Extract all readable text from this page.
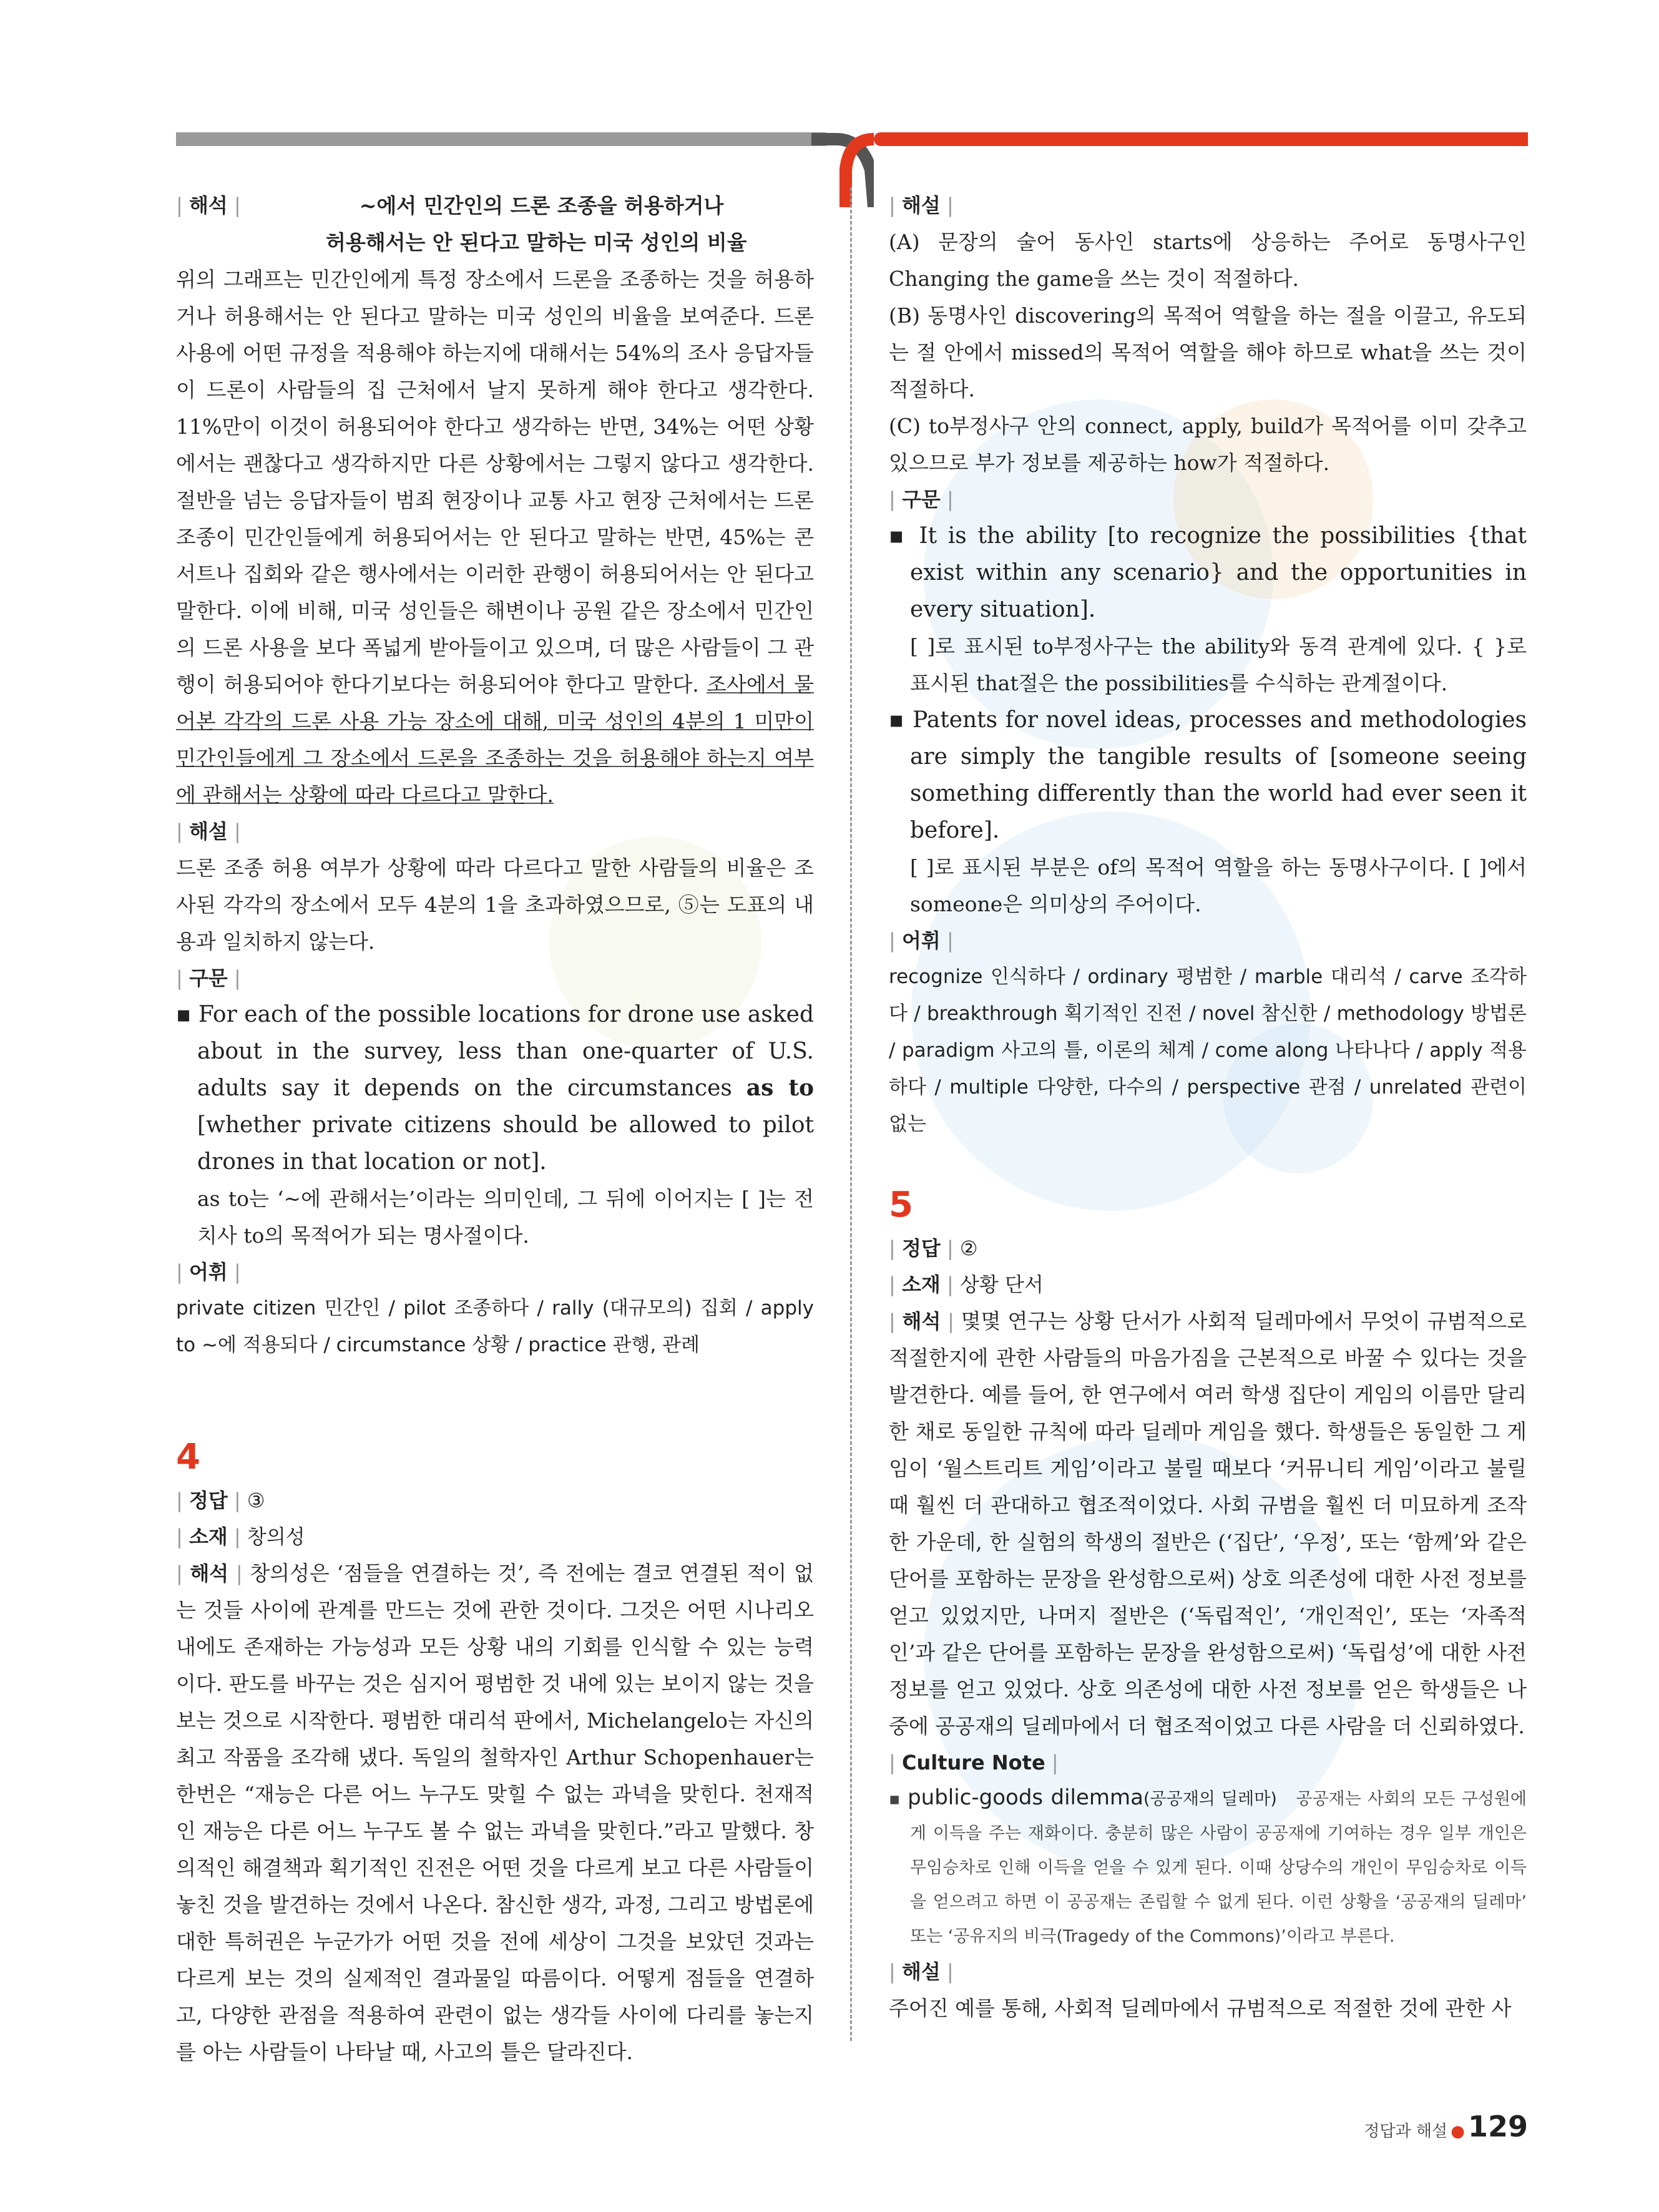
| 해석 |	~에서 민간인의 드론 조종을 허용하거나
허용해서는 안 된다고 말하는 미국 성인의 비율

위의 그래프는 민간인에게 특정 장소에서 드론을 조종하는 것을 허용하거나 허용해서는 안 된다고 말하는 미국 성인의 비율을 보여준다. 드론 사용에 어떤 규정을 적용해야 하는지에 대해서는 54%의 조사 응답자들이 드론이 사람들의 집 근처에서 날지 못하게 해야 한다고 생각한다. 11%만이 이것이 허용되어야 한다고 생각하는 반면, 34%는 어떤 상황에서는 괜찮다고 생각하지만 다른 상황에서는 그렇지 않다고 생각한다. 절반을 넘는 응답자들이 범죄 현장이나 교통 사고 현장 근처에서는 드론 조종이 민간인들에게 허용되어서는 안 된다고 말하는 반면, 45%는 콘서트나 집회와 같은 행사에서는 이러한 관행이 허용되어서는 안 된다고 말한다. 이에 비해, 미국 성인들은 해변이나 공원 같은 장소에서 민간인의 드론 사용을 보다 폭넓게 받아들이고 있으며, 더 많은 사람들이 그 관행이 허용되어야 한다기보다는 허용되어야 한다고 말한다. 조사에서 물어본 각각의 드론 사용 가능 장소에 대해, 미국 성인의 4분의 1 미만이 민간인들에게 그 장소에서 드론을 조종하는 것을 허용해야 하는지 여부에 관해서는 상황에 따라 다르다고 말한다.

| 해설 |

드론 조종 허용 여부가 상황에 따라 다르다고 말한 사람들의 비율은 조사된 각각의 장소에서 모두 4분의 1을 초과하였으므로, ⑤는 도표의 내용과 일치하지 않는다.

| 구문 |

▪ For each of the possible locations for drone use asked about in the survey, less than one-quarter of U.S. adults say it depends on the circumstances as to [whether private citizens should be allowed to pilot drones in that location or not].

as to는 ‘~에 관해서는’이라는 의미인데, 그 뒤에 이어지는 [ ]는 전치사 to의 목적어가 되는 명사절이다.

| 어휘 |

private citizen 민간인 / pilot 조종하다 / rally (대규모의) 집회 / apply to ~에 적용되다 / circumstance 상황 / practice 관행, 관례

4
| 정답 | ③
| 소재 | 창의성

| 해석 | 창의성은 ‘점들을 연결하는 것’, 즉 전에는 결코 연결된 적이 없는 것들 사이에 관계를 만드는 것에 관한 것이다. 그것은 어떤 시나리오 내에도 존재하는 가능성과 모든 상황 내의 기회를 인식할 수 있는 능력이다. 판도를 바꾸는 것은 심지어 평범한 것 내에 있는 보이지 않는 것을 보는 것으로 시작한다. 평범한 대리석 판에서, Michelangelo는 자신의 최고 작품을 조각해 냈다. 독일의 철학자인 Arthur Schopenhauer는 한번은 “재능은 다른 어느 누구도 맞힐 수 없는 과녁을 맞힌다. 천재적인 재능은 다른 어느 누구도 볼 수 없는 과녁을 맞힌다.”라고 말했다. 창의적인 해결책과 획기적인 진전은 어떤 것을 다르게 보고 다른 사람들이 놓친 것을 발견하는 것에서 나온다. 참신한 생각, 과정, 그리고 방법론에 대한 특허권은 누군가가 어떤 것을 전에 세상이 그것을 보았던 것과는 다르게 보는 것의 실제적인 결과물일 따름이다. 어떻게 점들을 연결하고, 다양한 관점을 적용하여 관련이 없는 생각들 사이에 다리를 놓는지를 아는 사람들이 나타날 때, 사고의 틀은 달라진다.

| 해설 |

(A) 문장의 술어 동사인 starts에 상응하는 주어로 동명사구인 Changing the game을 쓰는 것이 적절하다.

(B) 동명사인 discovering의 목적어 역할을 하는 절을 이끌고, 유도되는 절 안에서 missed의 목적어 역할을 해야 하므로 what을 쓰는 것이 적절하다.

(C) to부정사구 안의 connect, apply, build가 목적어를 이미 갖추고 있으므로 부가 정보를 제공하는 how가 적절하다.

| 구문 |

▪ It is the ability [to recognize the possibilities {that exist within any scenario} and the opportunities in every situation].

[ ]로 표시된 to부정사구는 the ability와 동격 관계에 있다. { }로 표시된 that절은 the possibilities를 수식하는 관계절이다.

▪ Patents for novel ideas, processes and methodologies are simply the tangible results of [someone seeing something differently than the world had ever seen it before].

[ ]로 표시된 부분은 of의 목적어 역할을 하는 동명사구이다. [ ]에서 someone은 의미상의 주어이다.

| 어휘 |

recognize 인식하다 / ordinary 평범한 / marble 대리석 / carve 조각하다 / breakthrough 획기적인 진전 / novel 참신한 / methodology 방법론 / paradigm 사고의 틀, 이론의 체계 / come along 나타나다 / apply 적용하다 / multiple 다양한, 다수의 / perspective 관점 / unrelated 관련이 없는

5
| 정답 | ②
| 소재 | 상황 단서

| 해석 | 몇몇 연구는 상황 단서가 사회적 딜레마에서 무엇이 규범적으로 적절한지에 관한 사람들의 마음가짐을 근본적으로 바꿀 수 있다는 것을 발견한다. 예를 들어, 한 연구에서 여러 학생 집단이 게임의 이름만 달리한 채로 동일한 규칙에 따라 딜레마 게임을 했다. 학생들은 동일한 그 게임이 ‘월스트리트 게임’이라고 불릴 때보다 ‘커뮤니티 게임’이라고 불릴 때 훨씬 더 관대하고 협조적이었다. 사회 규범을 훨씬 더 미묘하게 조작한 가운데, 한 실험의 학생의 절반은 (‘집단’, ‘우정’, 또는 ‘함께’와 같은 단어를 포함하는 문장을 완성함으로써) 상호 의존성에 대한 사전 정보를 얻고 있었지만, 나머지 절반은 (‘독립적인’, ‘개인적인’, 또는 ‘자족적인’과 같은 단어를 포함하는 문장을 완성함으로써) ‘독립성’에 대한 사전 정보를 얻고 있었다. 상호 의존성에 대한 사전 정보를 얻은 학생들은 나중에 공공재의 딜레마에서 더 협조적이었고 다른 사람을 더 신뢰하였다.

| Culture Note |

▪ public-goods dilemma(공공재의 딜레마) 공공재는 사회의 모든 구성원에게 이득을 주는 재화이다. 충분히 많은 사람이 공공재에 기여하는 경우 일부 개인은 무임승차로 인해 이득을 얻을 수 있게 된다. 이때 상당수의 개인이 무임승차로 이득을 얻으려고 하면 이 공공재는 존립할 수 없게 된다. 이런 상황을 ‘공공재의 딜레마’ 또는 ‘공유지의 비극(Tragedy of the Commons)’이라고 부른다.

| 해설 |

주어진 예를 통해, 사회적 딜레마에서 규범적으로 적절한 것에 관한 사

정답과 해설 ● 129
